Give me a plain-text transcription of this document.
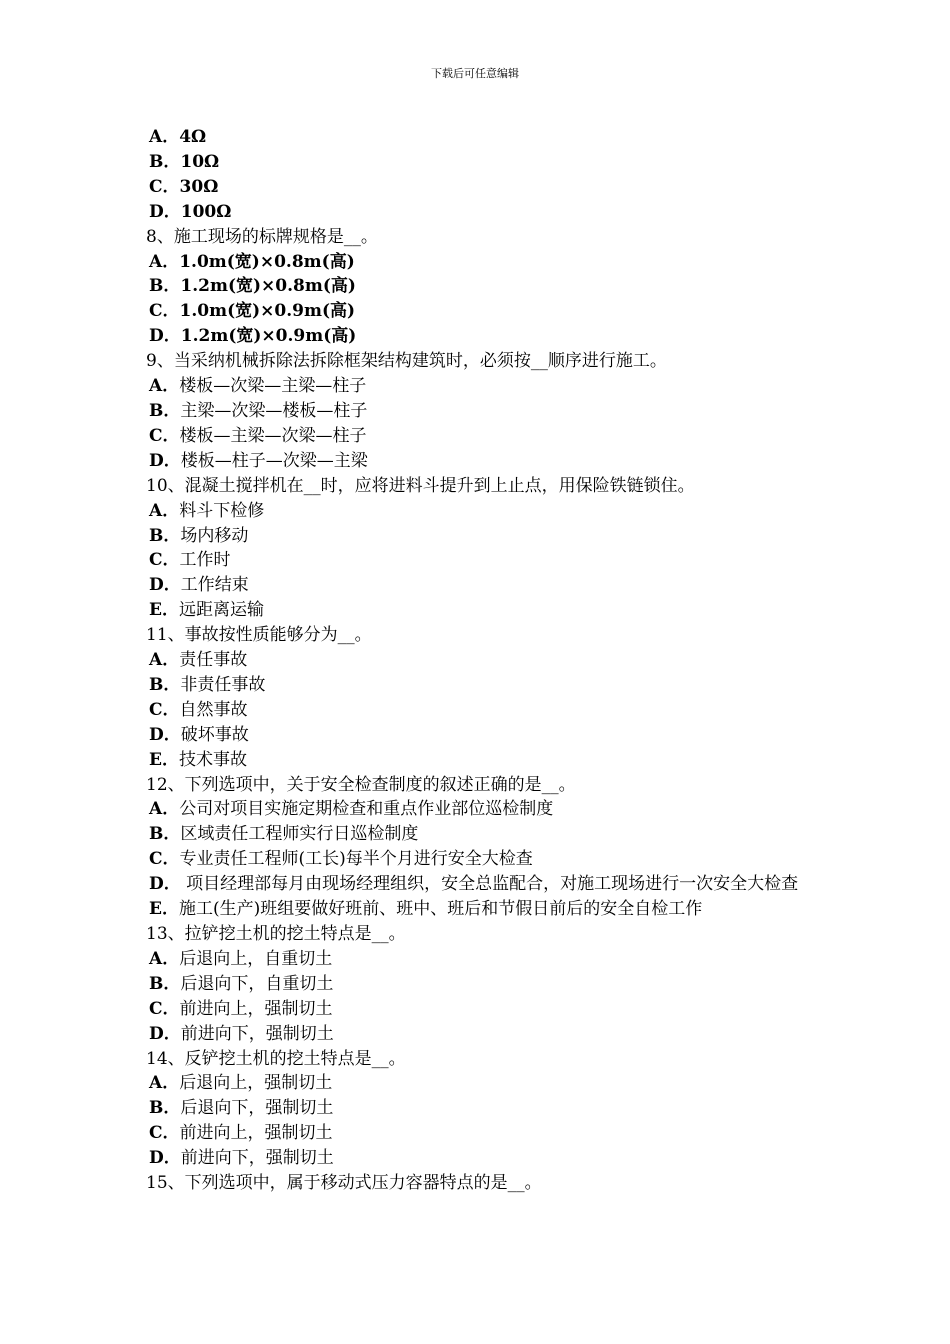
下载后可任意编辑
A．4Ω
B．10Ω
C．30Ω
D．100Ω
8、施工现场的标牌规格是__。
A．1.0m(宽)×0.8m(高)
B．1.2m(宽)×0.8m(高)
C．1.0m(宽)×0.9m(高)
D．1.2m(宽)×0.9m(高)
9、当采纳机械拆除法拆除框架结构建筑时，必须按__顺序进行施工。
A．楼板—次梁—主梁—柱子
B．主梁—次梁—楼板—柱子
C．楼板—主梁—次梁—柱子
D．楼板—柱子—次梁—主梁
10、混凝土搅拌机在__时，应将进料斗提升到上止点，用保险铁链锁住。
A．料斗下检修
B．场内移动
C．工作时
D．工作结束
E．远距离运输
11、事故按性质能够分为__。
A．责任事故
B．非责任事故
C．自然事故
D．破坏事故
E．技术事故
12、下列选项中，关于安全检查制度的叙述正确的是__。
A．公司对项目实施定期检查和重点作业部位巡检制度
B．区域责任工程师实行日巡检制度
C．专业责任工程师(工长)每半个月进行安全大检查
D． 项目经理部每月由现场经理组织，安全总监配合，对施工现场进行一次安全大检查
E．施工(生产)班组要做好班前、班中、班后和节假日前后的安全自检工作
13、拉铲挖土机的挖土特点是__。
A．后退向上，自重切土
B．后退向下，自重切土
C．前进向上，强制切土
D．前进向下，强制切土
14、反铲挖土机的挖土特点是__。
A．后退向上，强制切土
B．后退向下，强制切土
C．前进向上，强制切土
D．前进向下，强制切土
15、下列选项中，属于移动式压力容器特点的是__。
